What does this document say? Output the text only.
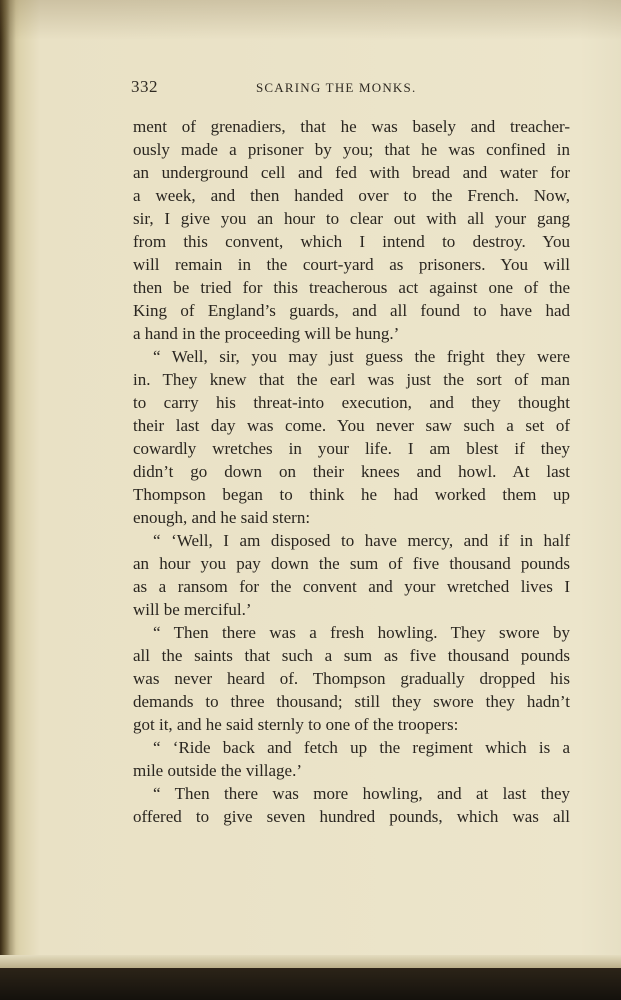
332	SCARING THE MONKS.
ment of grenadiers, that he was basely and treacher-
ously made a prisoner by you; that he was confined in
an underground cell and fed with bread and water for
a week, and then handed over to the French. Now,
sir, I give you an hour to clear out with all your gang
from this convent, which I intend to destroy. You
will remain in the court-yard as prisoners. You will
then be tried for this treacherous act against one of the
King of England’s guards, and all found to have had
a hand in the proceeding will be hung.’
“ Well, sir, you may just guess the fright they were
in. They knew that the earl was just the sort of man
to carry his threat-into execution, and they thought
their last day was come. You never saw such a set of
cowardly wretches in your life. I am blest if they
didn’t go down on their knees and howl. At last
Thompson began to think he had worked them up
enough, and he said stern:
“ ‘Well, I am disposed to have mercy, and if in half
an hour you pay down the sum of five thousand pounds
as a ransom for the convent and your wretched lives I
will be merciful.’
“ Then there was a fresh howling. They swore by
all the saints that such a sum as five thousand pounds
was never heard of. Thompson gradually dropped his
demands to three thousand; still they swore they hadn’t
got it, and he said sternly to one of the troopers:
“ ‘Ride back and fetch up the regiment which is a
mile outside the village.’
“ Then there was more howling, and at last they
offered to give seven hundred pounds, which was all
